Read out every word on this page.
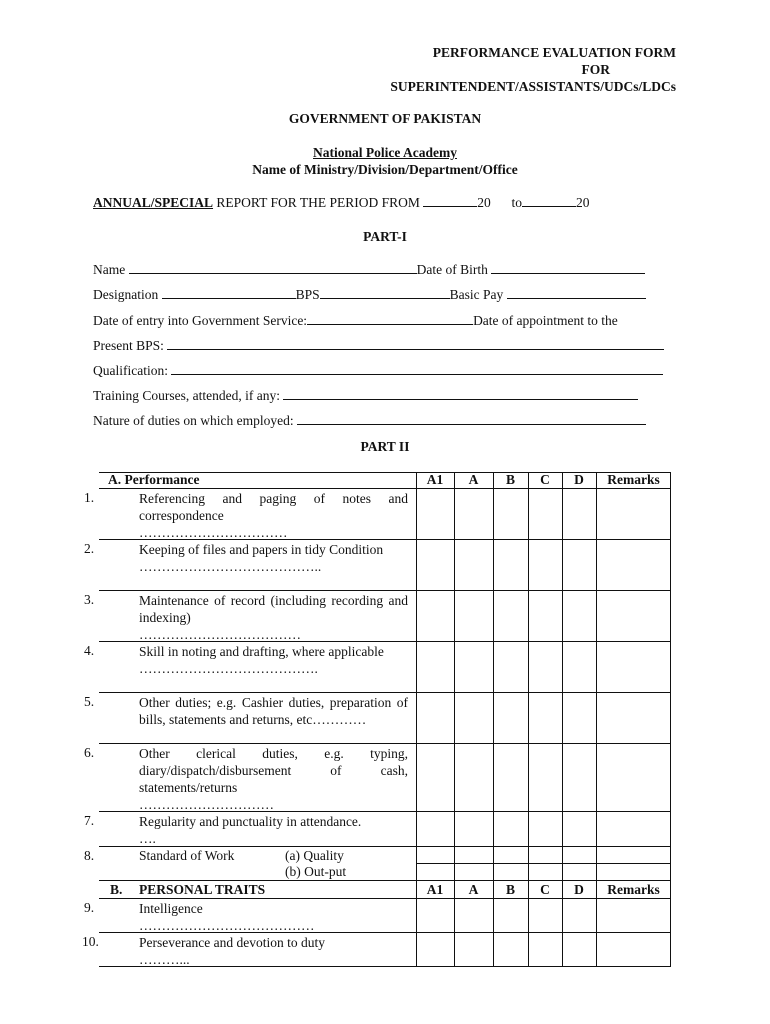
PERFORMANCE EVALUATION FORM
FOR
SUPERINTENDENT/ASSISTANTS/UDCs/LDCs
GOVERNMENT OF PAKISTAN
National Police Academy
Name of Ministry/Division/Department/Office
ANNUAL/SPECIAL REPORT FOR THE PERIOD FROM	20 to	20
PART-I
Name	Date of Birth
Designation	BPS	Basic Pay
Date of entry into Government Service:	Date of appointment to the
Present BPS:
Qualification:
Training Courses, attended, if any:
Nature of duties on which employed:
PART II
A. Performance	A1	A	B	C	D	Remarks
1.	Referencing and paging of notes and correspondence
……………………………
2.	Keeping of files and papers in tidy Condition
…………………………………..
3.	Maintenance of record (including recording and indexing)
………………………………
4.	Skill in noting and drafting, where applicable
………………………………….
5.	Other duties; e.g. Cashier duties, preparation of bills, statements and returns, etc…………
6.	Other clerical duties, e.g. typing, diary/dispatch/disbursement of cash, statements/returns
…………………………
7.	Regularity and punctuality in attendance.
….
8.	Standard of Work	(a) Quality
(b) Out-put
B. PERSONAL TRAITS	A1	A	B	C	D	Remarks
9.	Intelligence
…………………………………
10.	Perseverance and devotion to duty
………...
